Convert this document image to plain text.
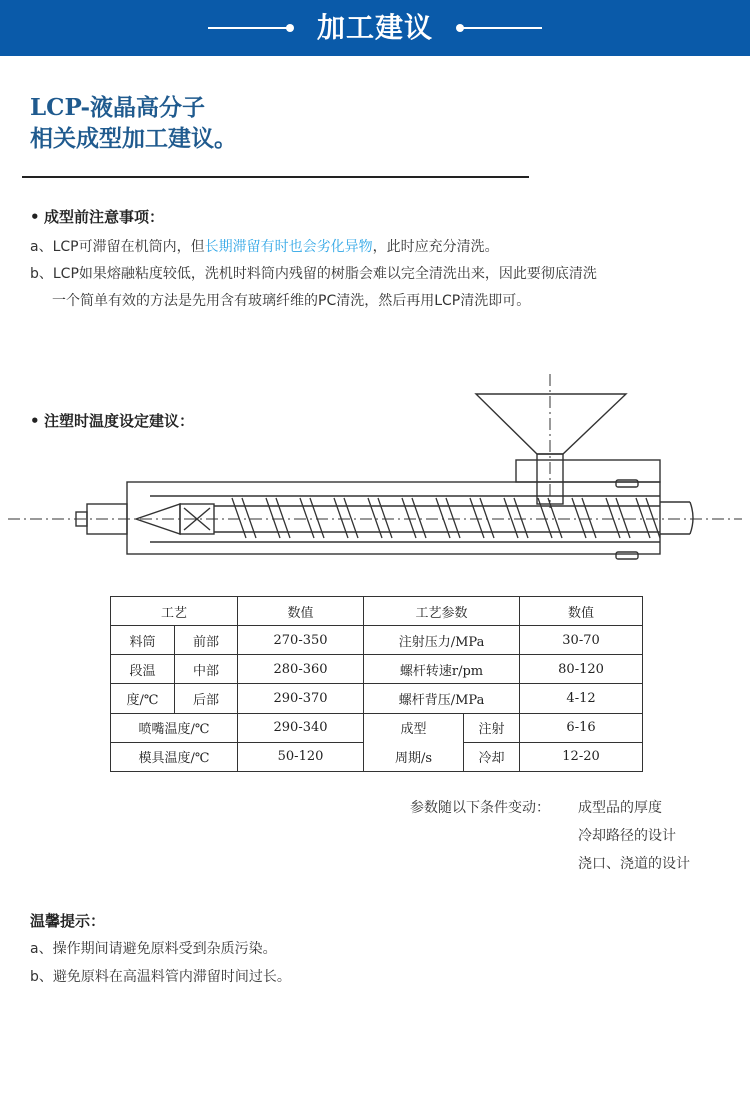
加工建议
LCP-液晶高分子
相关成型加工建议。
• 成型前注意事项：
a、LCP可滞留在机筒内，但长期滞留有时也会劣化异物，此时应充分清洗。
b、LCP如果熔融粘度较低，洗机时料筒内残留的树脂会难以完全清洗出来，因此要彻底清洗
一个简单有效的方法是先用含有玻璃纤维的PC清洗，然后再用LCP清洗即可。
• 注塑时温度设定建议：
工艺		数值	工艺参数		数值
料筒	前部	270-350	注射压力/MPa		30-70
段温	中部	280-360	螺杆转速r/pm		80-120
度/℃	后部	290-370	螺杆背压/MPa		4-12
喷嘴温度/℃		290-340	成型	注射	6-16
模具温度/℃		50-120	周期/s	冷却	12-20
参数随以下条件变动： 成型品的厚度
冷却路径的设计
浇口、浇道的设计
温馨提示：
a、操作期间请避免原料受到杂质污染。
b、避免原料在高温料管内滞留时间过长。
